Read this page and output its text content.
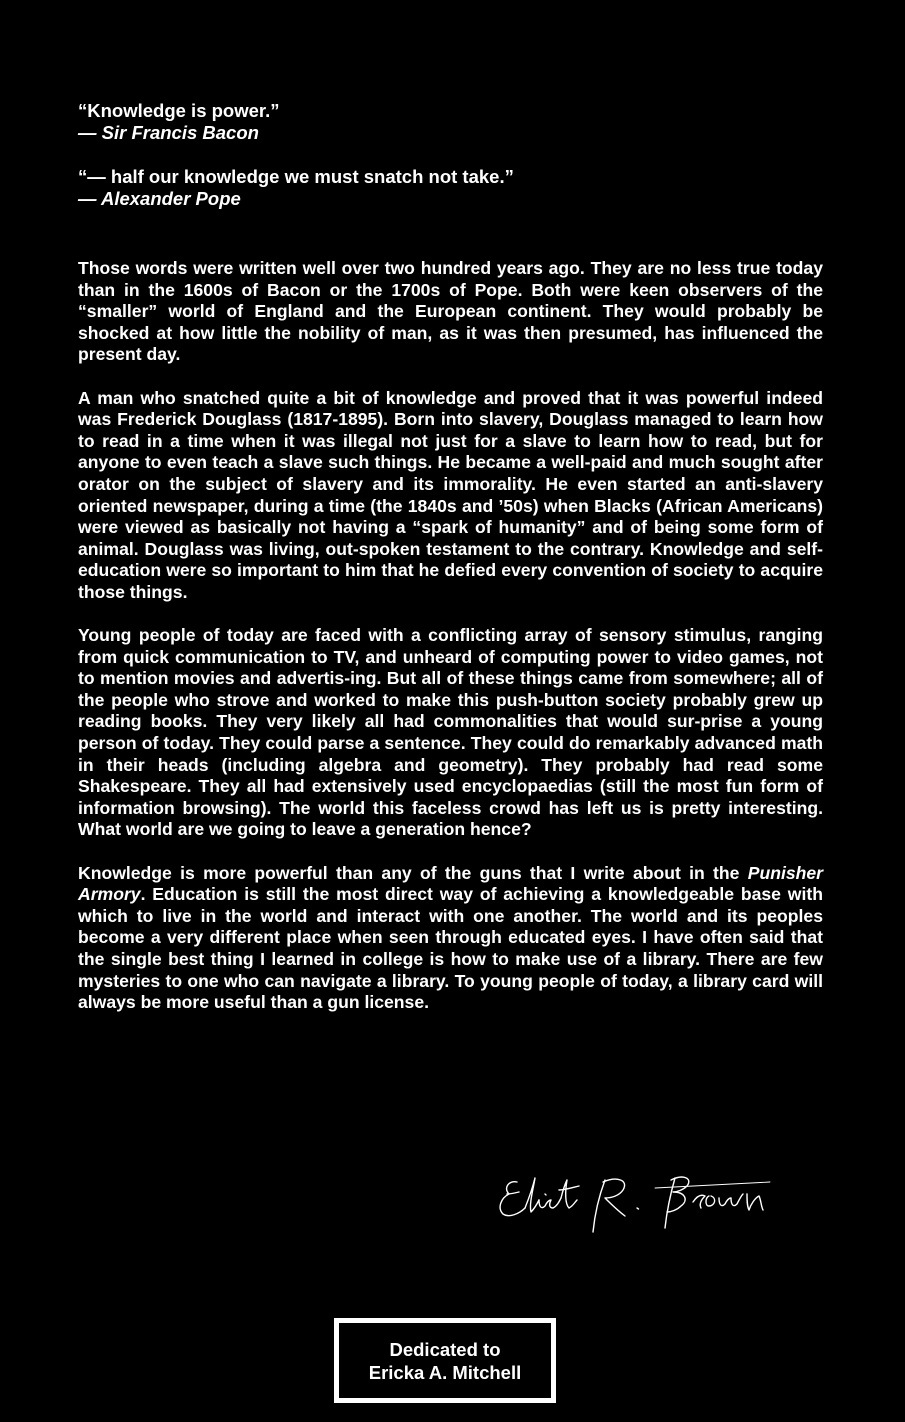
“Knowledge is power.”

— Sir Francis Bacon

“— half our knowledge we must snatch not take.”

— Alexander Pope

Those words were written well over two hundred years ago. They are no less true today than in the 1600s of Bacon or the 1700s of Pope. Both were keen observers of the “smaller” world of England and the European continent. They would probably be shocked at how little the nobility of man, as it was then presumed, has influenced the present day.

A man who snatched quite a bit of knowledge and proved that it was powerful indeed was Frederick Douglass (1817-1895). Born into slavery, Douglass managed to learn how to read in a time when it was illegal not just for a slave to learn how to read, but for anyone to even teach a slave such things. He became a well-paid and much sought after orator on the subject of slavery and its immorality. He even started an anti-slavery oriented newspaper, during a time (the 1840s and ’50s) when Blacks (African Americans) were viewed as basically not having a “spark of humanity” and of being some form of animal. Douglass was living, out-spoken testament to the contrary. Knowledge and self-education were so important to him that he defied every convention of society to acquire those things.

Young people of today are faced with a conflicting array of sensory stimulus, ranging from quick communication to TV, and unheard of computing power to video games, not to mention movies and advertis-ing. But all of these things came from somewhere; all of the people who strove and worked to make this push-button society probably grew up reading books. They very likely all had commonalities that would sur-prise a young person of today. They could parse a sentence. They could do remarkably advanced math in their heads (including algebra and geometry). They probably had read some Shakespeare. They all had extensively used encyclopaedias (still the most fun form of information browsing). The world this faceless crowd has left us is pretty interesting. What world are we going to leave a generation hence?

Knowledge is more powerful than any of the guns that I write about in the Punisher Armory. Education is still the most direct way of achieving a knowledgeable base with which to live in the world and interact with one another. The world and its peoples become a very different place when seen through educated eyes. I have often said that the single best thing I learned in college is how to make use of a library. There are few mysteries to one who can navigate a library. To young people of today, a library card will always be more useful than a gun license.

Dedicated to
Ericka A. Mitchell
